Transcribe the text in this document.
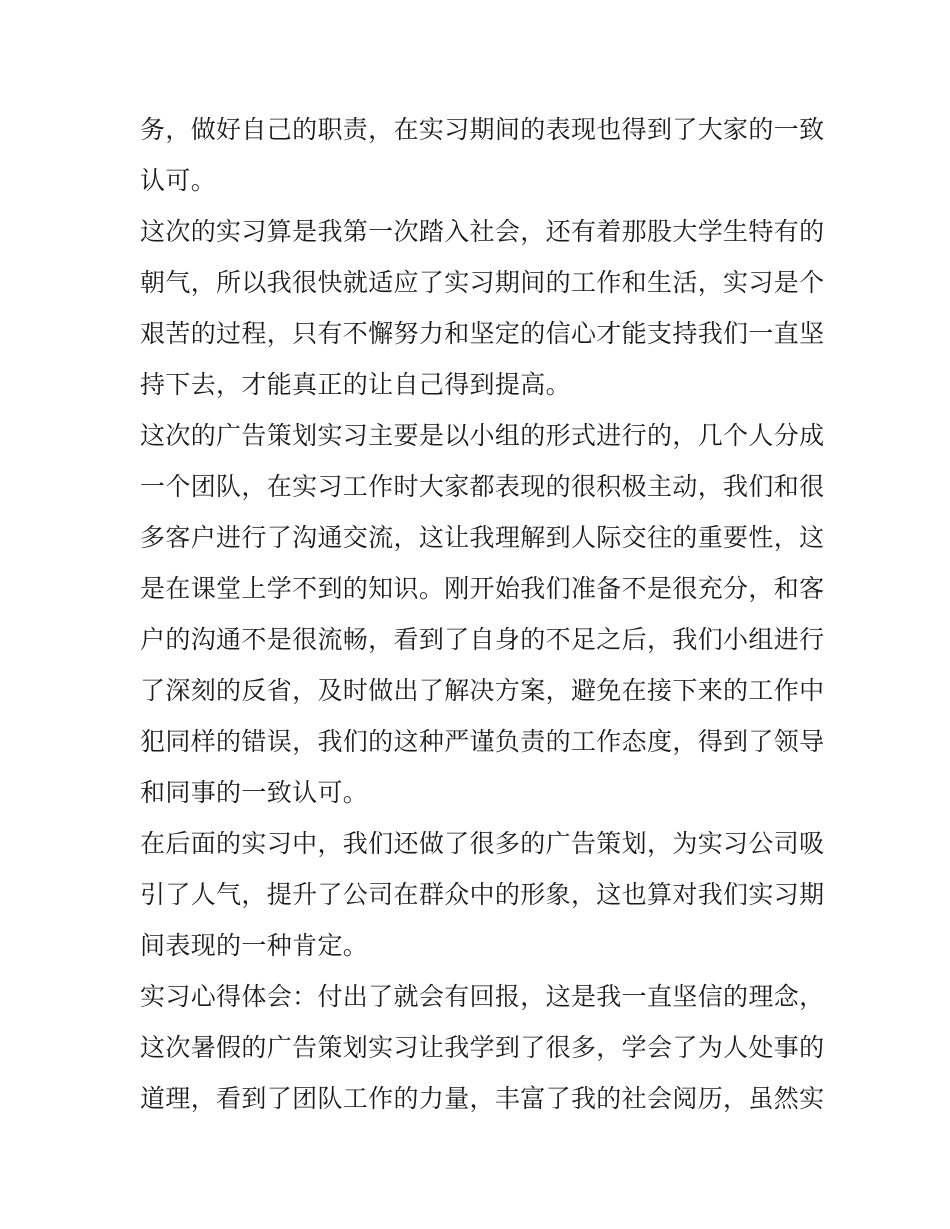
务，做好自己的职责，在实习期间的表现也得到了大家的一致
认可。
这次的实习算是我第一次踏入社会，还有着那股大学生特有的
朝气，所以我很快就适应了实习期间的工作和生活，实习是个
艰苦的过程，只有不懈努力和坚定的信心才能支持我们一直坚
持下去，才能真正的让自己得到提高。
这次的广告策划实习主要是以小组的形式进行的，几个人分成
一个团队，在实习工作时大家都表现的很积极主动，我们和很
多客户进行了沟通交流，这让我理解到人际交往的重要性，这
是在课堂上学不到的知识。刚开始我们准备不是很充分，和客
户的沟通不是很流畅，看到了自身的不足之后，我们小组进行
了深刻的反省，及时做出了解决方案，避免在接下来的工作中
犯同样的错误，我们的这种严谨负责的工作态度，得到了领导
和同事的一致认可。
在后面的实习中，我们还做了很多的广告策划，为实习公司吸
引了人气，提升了公司在群众中的形象，这也算对我们实习期
间表现的一种肯定。
实习心得体会：付出了就会有回报，这是我一直坚信的理念，
这次暑假的广告策划实习让我学到了很多，学会了为人处事的
道理，看到了团队工作的力量，丰富了我的社会阅历，虽然实
